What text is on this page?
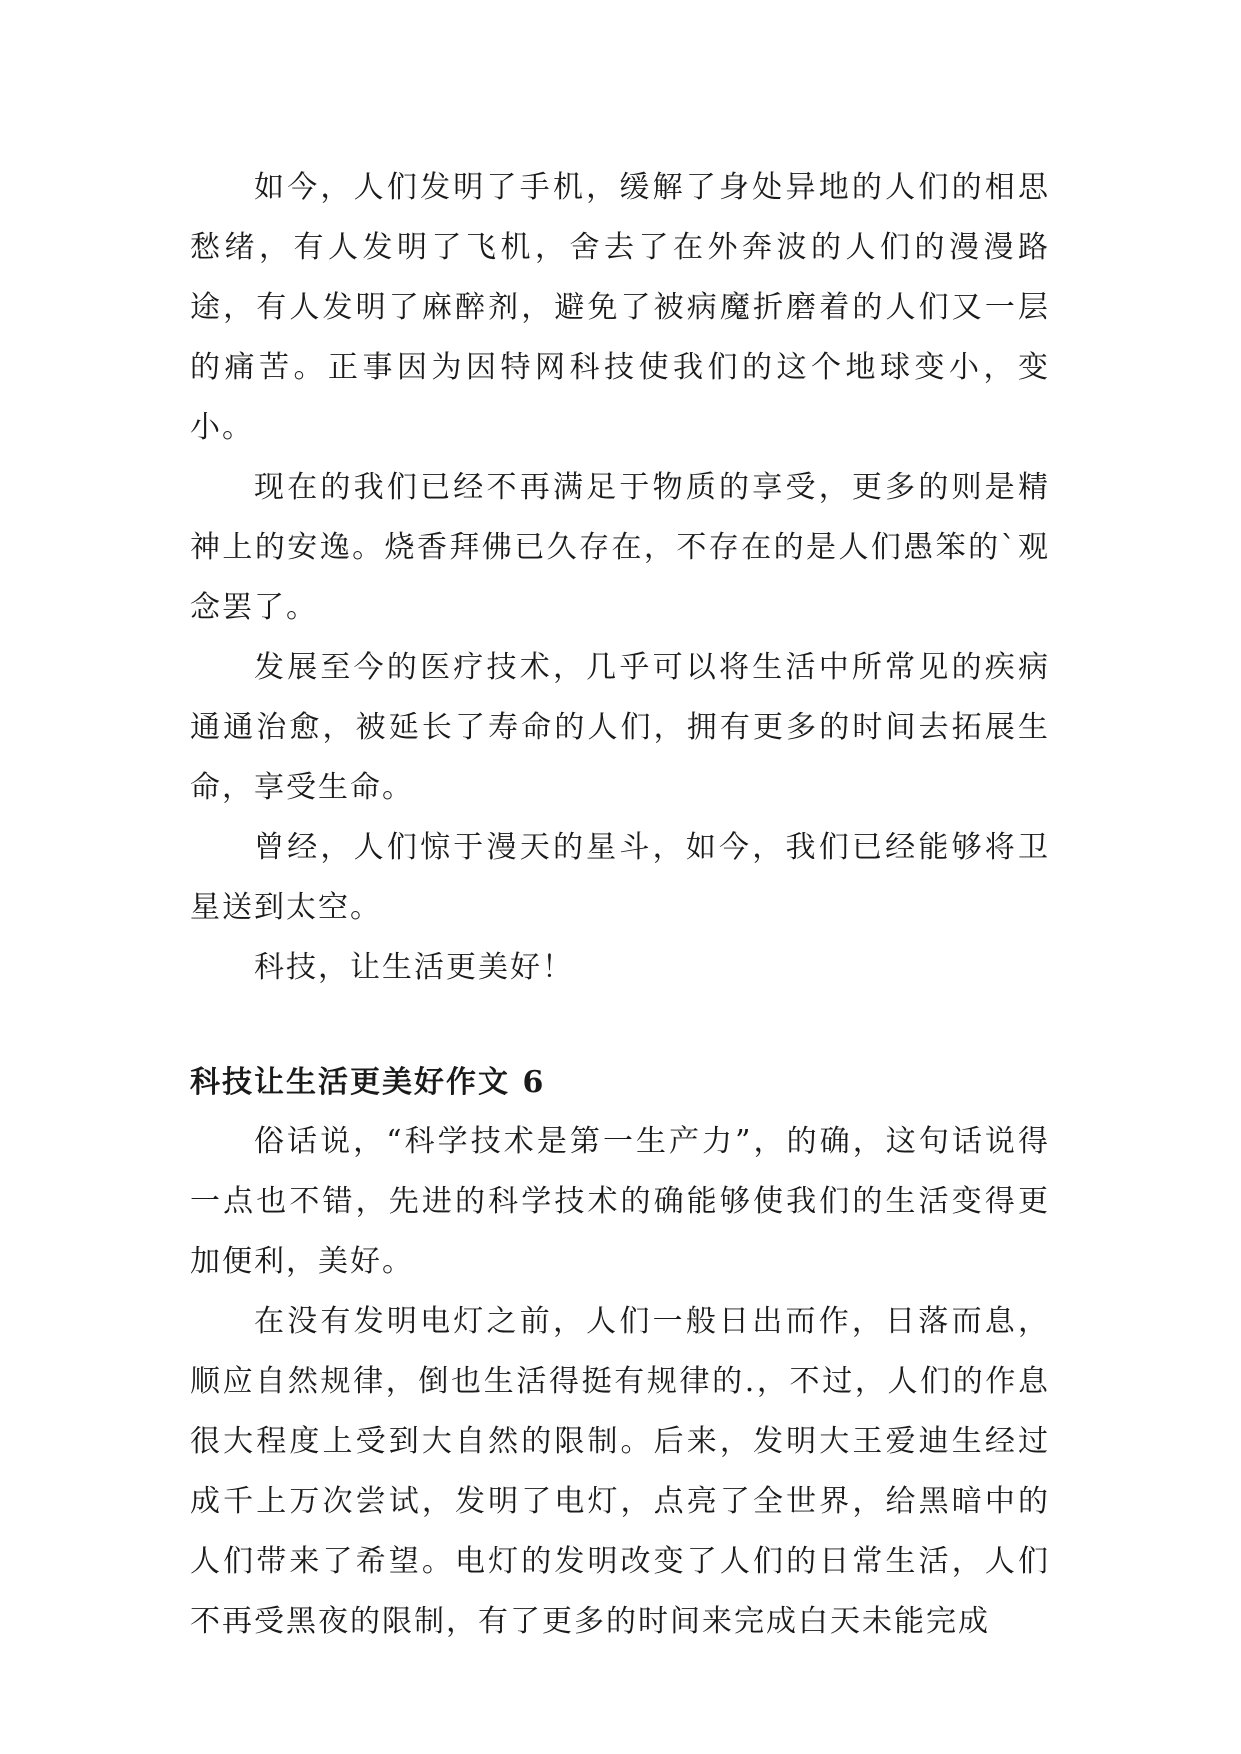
如今，人们发明了手机，缓解了身处异地的人们的相思愁绪，有人发明了飞机，舍去了在外奔波的人们的漫漫路途，有人发明了麻醉剂，避免了被病魔折磨着的人们又一层的痛苦。正事因为因特网科技使我们的这个地球变小，变小。

现在的我们已经不再满足于物质的享受，更多的则是精神上的安逸。烧香拜佛已久存在，不存在的是人们愚笨的`观念罢了。

发展至今的医疗技术，几乎可以将生活中所常见的疾病通通治愈，被延长了寿命的人们，拥有更多的时间去拓展生命，享受生命。

曾经，人们惊于漫天的星斗，如今，我们已经能够将卫星送到太空。

科技，让生活更美好！

科技让生活更美好作文 6

俗话说，“科学技术是第一生产力”，的确，这句话说得一点也不错，先进的科学技术的确能够使我们的生活变得更加便利，美好。

在没有发明电灯之前，人们一般日出而作，日落而息，顺应自然规律，倒也生活得挺有规律的.，不过，人们的作息很大程度上受到大自然的限制。后来，发明大王爱迪生经过成千上万次尝试，发明了电灯，点亮了全世界，给黑暗中的人们带来了希望。电灯的发明改变了人们的日常生活，人们不再受黑夜的限制，有了更多的时间来完成白天未能完成
